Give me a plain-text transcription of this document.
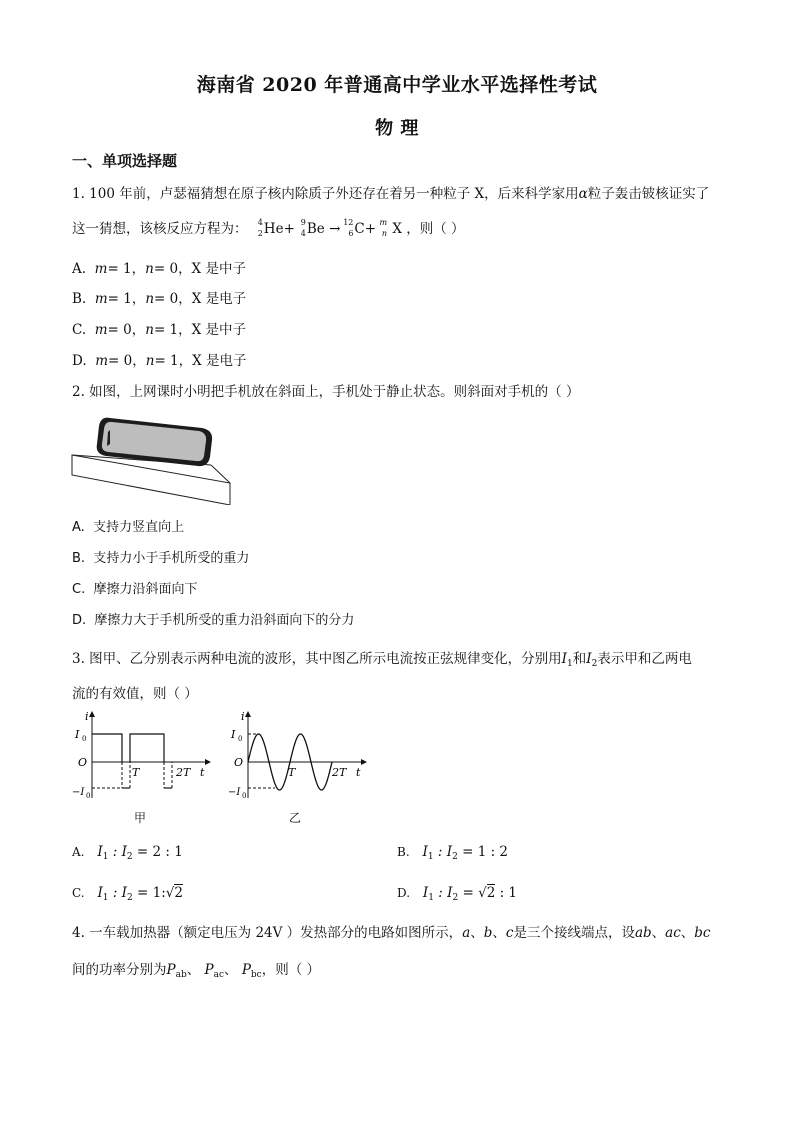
海南省 2020 年普通高中学业水平选择性考试
物 理
一、单项选择题
1. 100 年前，卢瑟福猜想在原子核内除质子外还存在着另一种粒子 X，后来科学家用α粒子轰击铍核证实了
这一猜想，该核反应方程为： 4
2 He+ 9
4 Be → 12
6 C+ m
n X ，则（ ）
A. m= 1，n= 0，X 是中子
B. m= 1，n= 0，X 是电子
C. m= 0，n= 1，X 是中子
D. m= 0，n= 1，X 是电子
2. 如图，上网课时小明把手机放在斜面上，手机处于静止状态。则斜面对手机的（ ）
A. 支持力竖直向上
B. 支持力小于手机所受的重力
C. 摩擦力沿斜面向下
D. 摩擦力大于手机所受的重力沿斜面向下的分力
3. 图甲、乙分别表示两种电流的波形，其中图乙所示电流按正弦规律变化，分别用$I_1$和$I_2$表示甲和乙两电
流的有效值，则（ ）
i
I 0
O
−I 0
T	2T t
甲
i
I 0
O
−I 0
T	2T t
乙
A. $I_1$ : $I_2 = 2$ : 1	B. $I_1$ : $I_2 = 1$ : 2
C. $I_1$ : $I_2$ = 1:√2	D. $I_1$ : $I_2 = √2$ : 1
4. 一车载加热器（额定电压为 24V ）发热部分的电路如图所示，a、b、c是三个接线端点，设ab、ac、bc
间的功率分别为$P_{ab}$、 $P_{ac}$、 $P_{bc}$，则（ ）
